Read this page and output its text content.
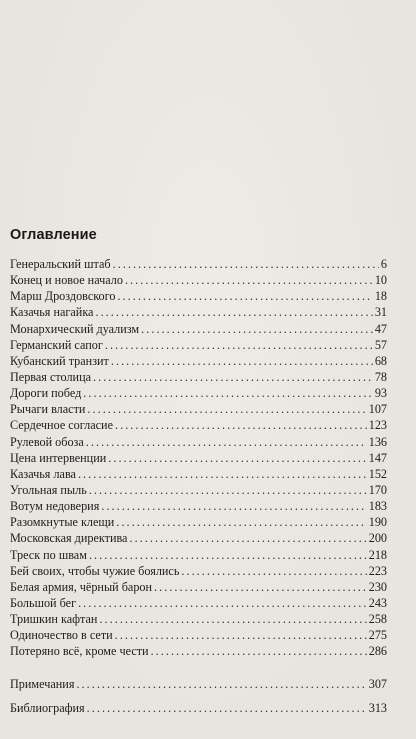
Оглавление
Генеральский штаб . . .	6
Конец и новое начало . . .	10
Марш Дроздовского . . .	18
Казачья нагайка . . .	31
Монархический дуализм . . .	47
Германский сапог . . .	57
Кубанский транзит . . .	68
Первая столица . . .	78
Дороги побед . . .	93
Рычаги власти . . .	107
Сердечное согласие . . .	123
Рулевой обоза . . .	136
Цена интервенции . . .	147
Казачья лава . . .	152
Угольная пыль . . .	170
Вотум недоверия . . .	183
Разомкнутые клещи . . .	190
Московская директива . . .	200
Треск по швам . . .	218
Бей своих, чтобы чужие боялись . . .	223
Белая армия, чёрный барон . . .	230
Большой бег . . .	243
Тришкин кафтан . . .	258
Одиночество в сети . . .	275
Потеряно всё, кроме чести . . .	286
Примечания . . .	307
Библиография . . .	313
